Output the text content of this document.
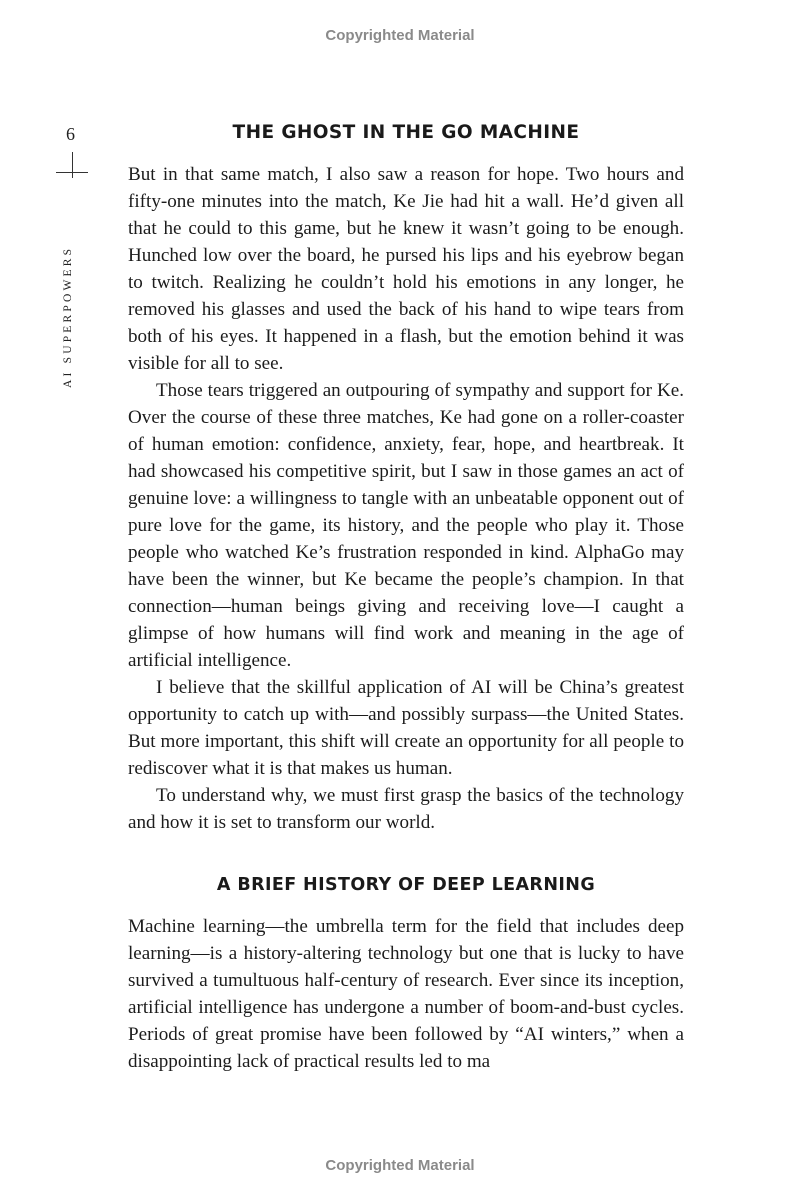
Copyrighted Material
6	THE GHOST IN THE GO MACHINE
AI SUPERPOWERS

But in that same match, I also saw a reason for hope. Two hours and fifty-one minutes into the match, Ke Jie had hit a wall. He’d given all that he could to this game, but he knew it wasn’t going to be enough. Hunched low over the board, he pursed his lips and his eyebrow began to twitch. Realizing he couldn’t hold his emotions in any longer, he removed his glasses and used the back of his hand to wipe tears from both of his eyes. It happened in a flash, but the emotion behind it was visible for all to see.

Those tears triggered an outpouring of sympathy and support for Ke. Over the course of these three matches, Ke had gone on a roller-coaster of human emotion: confidence, anxiety, fear, hope, and heartbreak. It had showcased his competitive spirit, but I saw in those games an act of genuine love: a willingness to tangle with an unbeatable opponent out of pure love for the game, its history, and the people who play it. Those people who watched Ke’s frustration responded in kind. AlphaGo may have been the winner, but Ke became the people’s champion. In that connection—human beings giving and receiving love—I caught a glimpse of how humans will find work and meaning in the age of artificial intelligence.

I believe that the skillful application of AI will be China’s greatest opportunity to catch up with—and possibly surpass—the United States. But more important, this shift will create an opportunity for all people to rediscover what it is that makes us human.

To understand why, we must first grasp the basics of the technology and how it is set to transform our world.

A BRIEF HISTORY OF DEEP LEARNING

Machine learning—the umbrella term for the field that includes deep learning—is a history-altering technology but one that is lucky to have survived a tumultuous half-century of research. Ever since its inception, artificial intelligence has undergone a number of boom-and-bust cycles. Periods of great promise have been followed by “AI winters,” when a disappointing lack of practical results led to ma

Copyrighted Material
